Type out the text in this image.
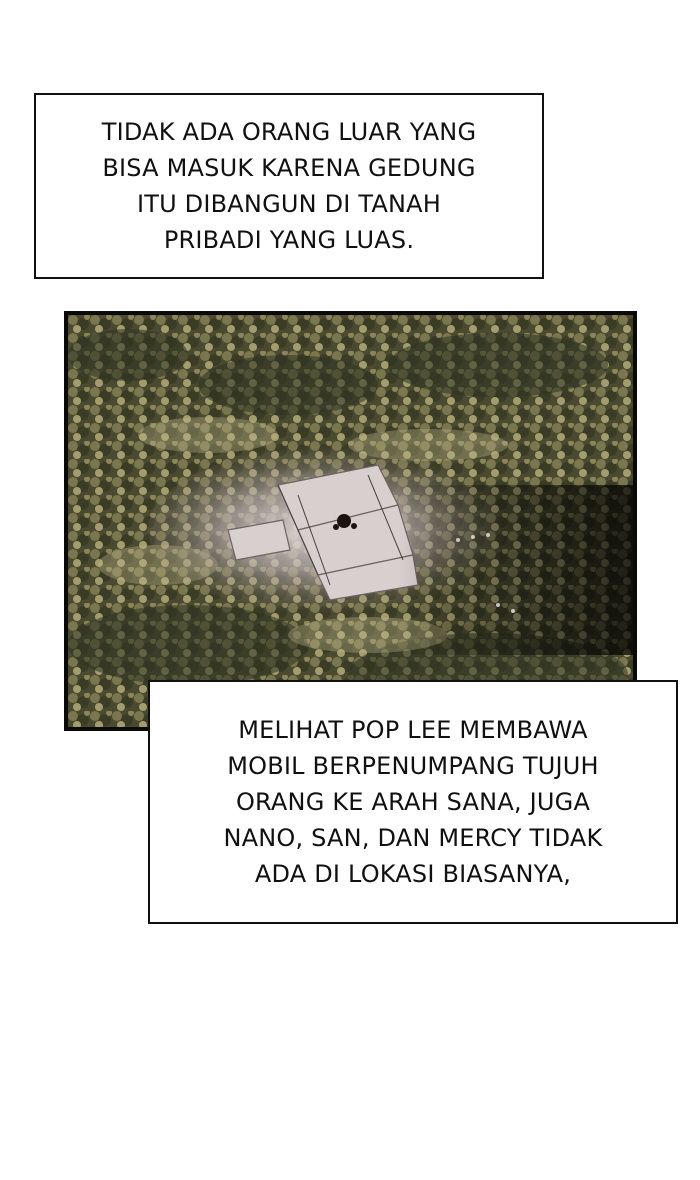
TIDAK ADA ORANG LUAR YANG
BISA MASUK KARENA GEDUNG
ITU DIBANGUN DI TANAH
PRIBADI YANG LUAS.
MELIHAT POP LEE MEMBAWA
MOBIL BERPENUMPANG TUJUH
ORANG KE ARAH SANA, JUGA
NANO, SAN, DAN MERCY TIDAK
ADA DI LOKASI BIASANYA,
